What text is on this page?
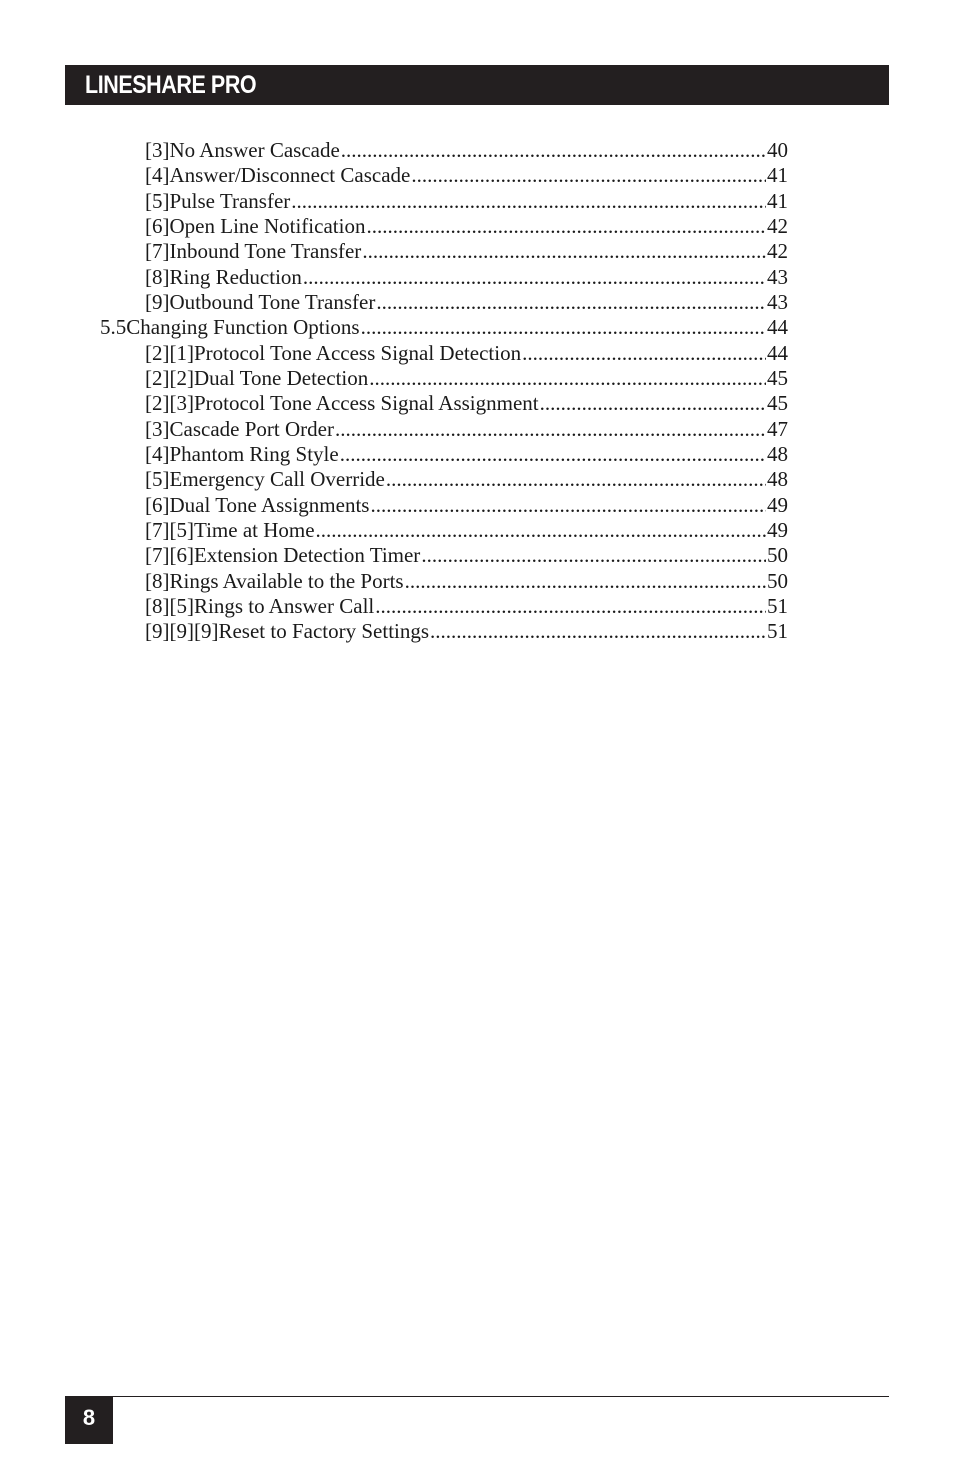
LINESHARE PRO
[3] No Answer Cascade .....	40
[4] Answer/Disconnect Cascade .....	41
[5] Pulse Transfer .....	41
[6] Open Line Notification .....	42
[7] Inbound Tone Transfer .....	42
[8] Ring Reduction .....	43
[9] Outbound Tone Transfer .....	43
5.5 Changing Function Options .....	44
[2][1] Protocol Tone Access Signal Detection .....	44
[2][2] Dual Tone Detection .....	45
[2][3] Protocol Tone Access Signal Assignment .....	45
[3] Cascade Port Order .....	47
[4] Phantom Ring Style .....	48
[5] Emergency Call Override .....	48
[6] Dual Tone Assignments .....	49
[7][5] Time at Home .....	49
[7][6] Extension Detection Timer .....	50
[8] Rings Available to the Ports .....	50
[8][5] Rings to Answer Call .....	51
[9][9][9] Reset to Factory Settings .....	51
8
